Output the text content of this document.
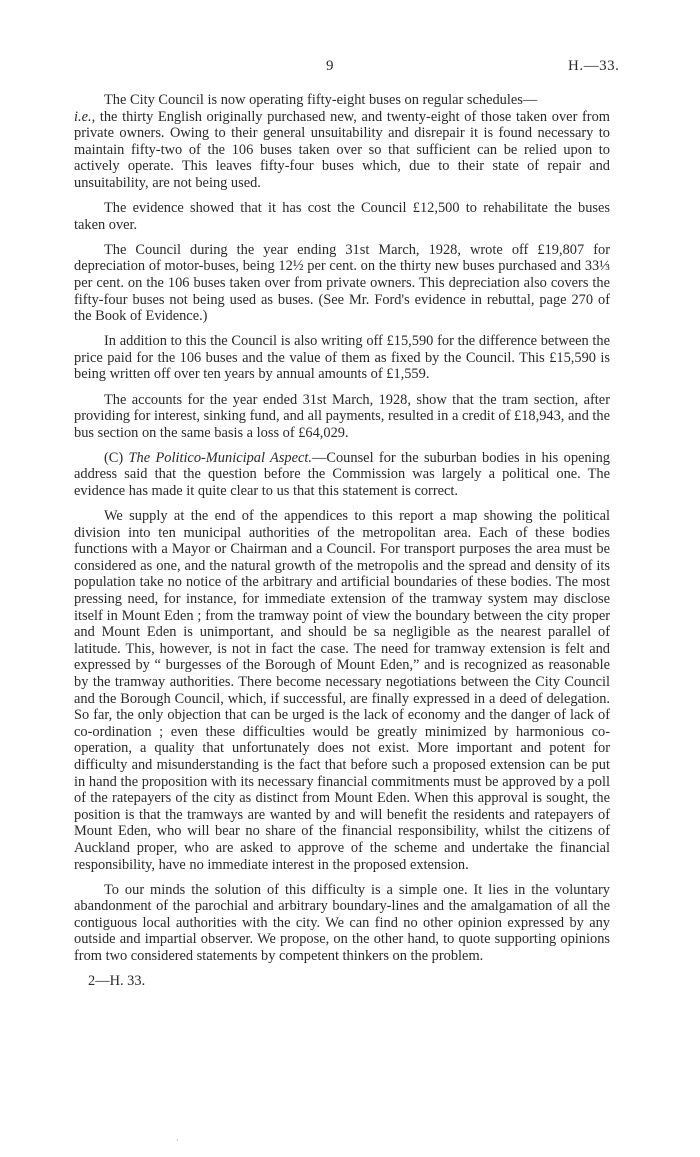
9	H.—33.

The City Council is now operating fifty-eight buses on regular schedules—
i.e., the thirty English originally purchased new, and twenty-eight of those taken over from private owners. Owing to their general unsuitability and disrepair it is found necessary to maintain fifty-two of the 106 buses taken over so that sufficient can be relied upon to actively operate. This leaves fifty-four buses which, due to their state of repair and unsuitability, are not being used.

The evidence showed that it has cost the Council £12,500 to rehabilitate the buses taken over.

The Council during the year ending 31st March, 1928, wrote off £19,807 for depreciation of motor-buses, being 12½ per cent. on the thirty new buses purchased and 33⅓ per cent. on the 106 buses taken over from private owners. This depreciation also covers the fifty-four buses not being used as buses. (See Mr. Ford's evidence in rebuttal, page 270 of the Book of Evidence.)

In addition to this the Council is also writing off £15,590 for the difference between the price paid for the 106 buses and the value of them as fixed by the Council. This £15,590 is being written off over ten years by annual amounts of £1,559.

The accounts for the year ended 31st March, 1928, show that the tram section, after providing for interest, sinking fund, and all payments, resulted in a credit of £18,943, and the bus section on the same basis a loss of £64,029.

(C) The Politico-Municipal Aspect.—Counsel for the suburban bodies in his opening address said that the question before the Commission was largely a political one. The evidence has made it quite clear to us that this statement is correct.

We supply at the end of the appendices to this report a map showing the political division into ten municipal authorities of the metropolitan area. Each of these bodies functions with a Mayor or Chairman and a Council. For transport purposes the area must be considered as one, and the natural growth of the metropolis and the spread and density of its population take no notice of the arbitrary and artificial boundaries of these bodies. The most pressing need, for instance, for immediate extension of the tramway system may disclose itself in Mount Eden ; from the tramway point of view the boundary between the city proper and Mount Eden is unimportant, and should be sa negligible as the nearest parallel of latitude. This, however, is not in fact the case. The need for tramway extension is felt and expressed by “ burgesses of the Borough of Mount Eden,” and is recognized as reasonable by the tramway authorities. There become necessary negotiations between the City Council and the Borough Council, which, if successful, are finally expressed in a deed of delegation. So far, the only objection that can be urged is the lack of economy and the danger of lack of co-ordination ; even these difficulties would be greatly minimized by harmonious co-operation, a quality that unfortunately does not exist. More important and potent for difficulty and misunderstanding is the fact that before such a proposed extension can be put in hand the proposition with its necessary financial commitments must be approved by a poll of the ratepayers of the city as distinct from Mount Eden. When this approval is sought, the position is that the tramways are wanted by and will benefit the residents and ratepayers of Mount Eden, who will bear no share of the financial responsibility, whilst the citizens of Auckland proper, who are asked to approve of the scheme and undertake the financial responsibility, have no immediate interest in the proposed extension.

To our minds the solution of this difficulty is a simple one. It lies in the voluntary abandonment of the parochial and arbitrary boundary-lines and the amalgamation of all the contiguous local authorities with the city. We can find no other opinion expressed by any outside and impartial observer. We propose, on the other hand, to quote supporting opinions from two considered statements by competent thinkers on the problem.

2—H. 33.
·
